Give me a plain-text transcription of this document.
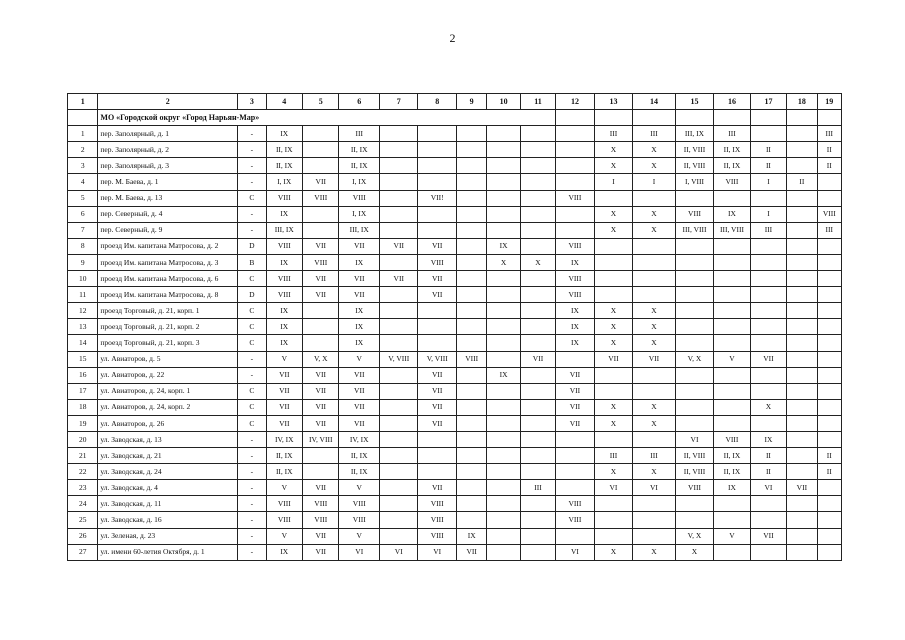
2
1	2	3	4	5	6	7	8	9	10	11	12	13	14	15	16	17	18	19
	МО «Городской округ «Город Нарьян-Мар»																	
1	пер. Заполярный, д. 1	-	IX		III							III	III	III, IX	III			III
2	пер. Заполярный, д. 2	-	II, IX		II, IX							X	X	II, VIII	II, IX	II		II
3	пер. Заполярный, д. 3	-	II, IX		II, IX							X	X	II, VIII	II, IX	II		II
4	пер. М. Баева, д. 1	-	I, IX	VII	I, IX							I	I	I, VIII	VIII	I	II	
5	пер. М. Баева, д. 13	С	VIII	VIII	VIII		VII!				VIII							
6	пер. Северный, д. 4	-	IX		I, IX							X	X	VIII	IX	I		VIII
7	пер. Северный, д. 9	-	III, IX		III, IX							X	X	III, VIII	III, VIII	III		III
8	проезд Им. капитана Матросова, д. 2	D	VIII	VII	VII	VII	VII		IX		VIII							
9	проезд Им. капитана Матросова, д. 3	В	IX	VIII	IX		VIII		X	X	IX							
10	проезд Им. капитана Матросова, д. 6	С	VIII	VII	VII	VII	VII				VIII							
11	проезд Им. капитана Матросова, д. 8	D	VIII	VII	VII		VII				VIII							
12	проезд Торговый, д. 21, корп. 1	С	IX		IX						IX	X	X					
13	проезд Торговый, д. 21, корп. 2	С	IX		IX						IX	X	X					
14	проезд Торговый, д. 21, корп. 3	С	IX		IX						IX	X	X					
15	ул. Авиаторов, д. 5	-	V	V, X	V	V, VIII	V, VIII	VIII		VII		VII	VII	V, X	V	VII		
16	ул. Авиаторов, д. 22	-	VII	VII	VII		VII		IX		VII							
17	ул. Авиаторов, д. 24, корп. 1	С	VII	VII	VII		VII				VII							
18	ул. Авиаторов, д. 24, корп. 2	С	VII	VII	VII		VII				VII	X	X			X		
19	ул. Авиаторов, д. 26	С	VII	VII	VII		VII				VII	X	X					
20	ул. Заводская, д. 13	-	IV, IX	IV, VIII	IV, IX									VI	VIII	IX		
21	ул. Заводская, д. 21	-	II, IX		II, IX							III	III	II, VIII	II, IX	II		II
22	ул. Заводская, д. 24	-	II, IX		II, IX							X	X	II, VIII	II, IX	II		II
23	ул. Заводская, д. 4	-	V	VII	V		VII			III		VI	VI	VIII	IX	VI	VII	
24	ул. Заводская, д. 11	-	VIII	VIII	VIII		VIII				VIII							
25	ул. Заводская, д. 16	-	VIII	VIII	VIII		VIII				VIII							
26	ул. Зеленая, д. 23	-	V	VII	V		VIII	IX						V, X	V	VII		
27	ул. имени 60-летия Октября, д. 1	-	IX	VII	VI	VI	VI	VII			VI	X	X	X				
